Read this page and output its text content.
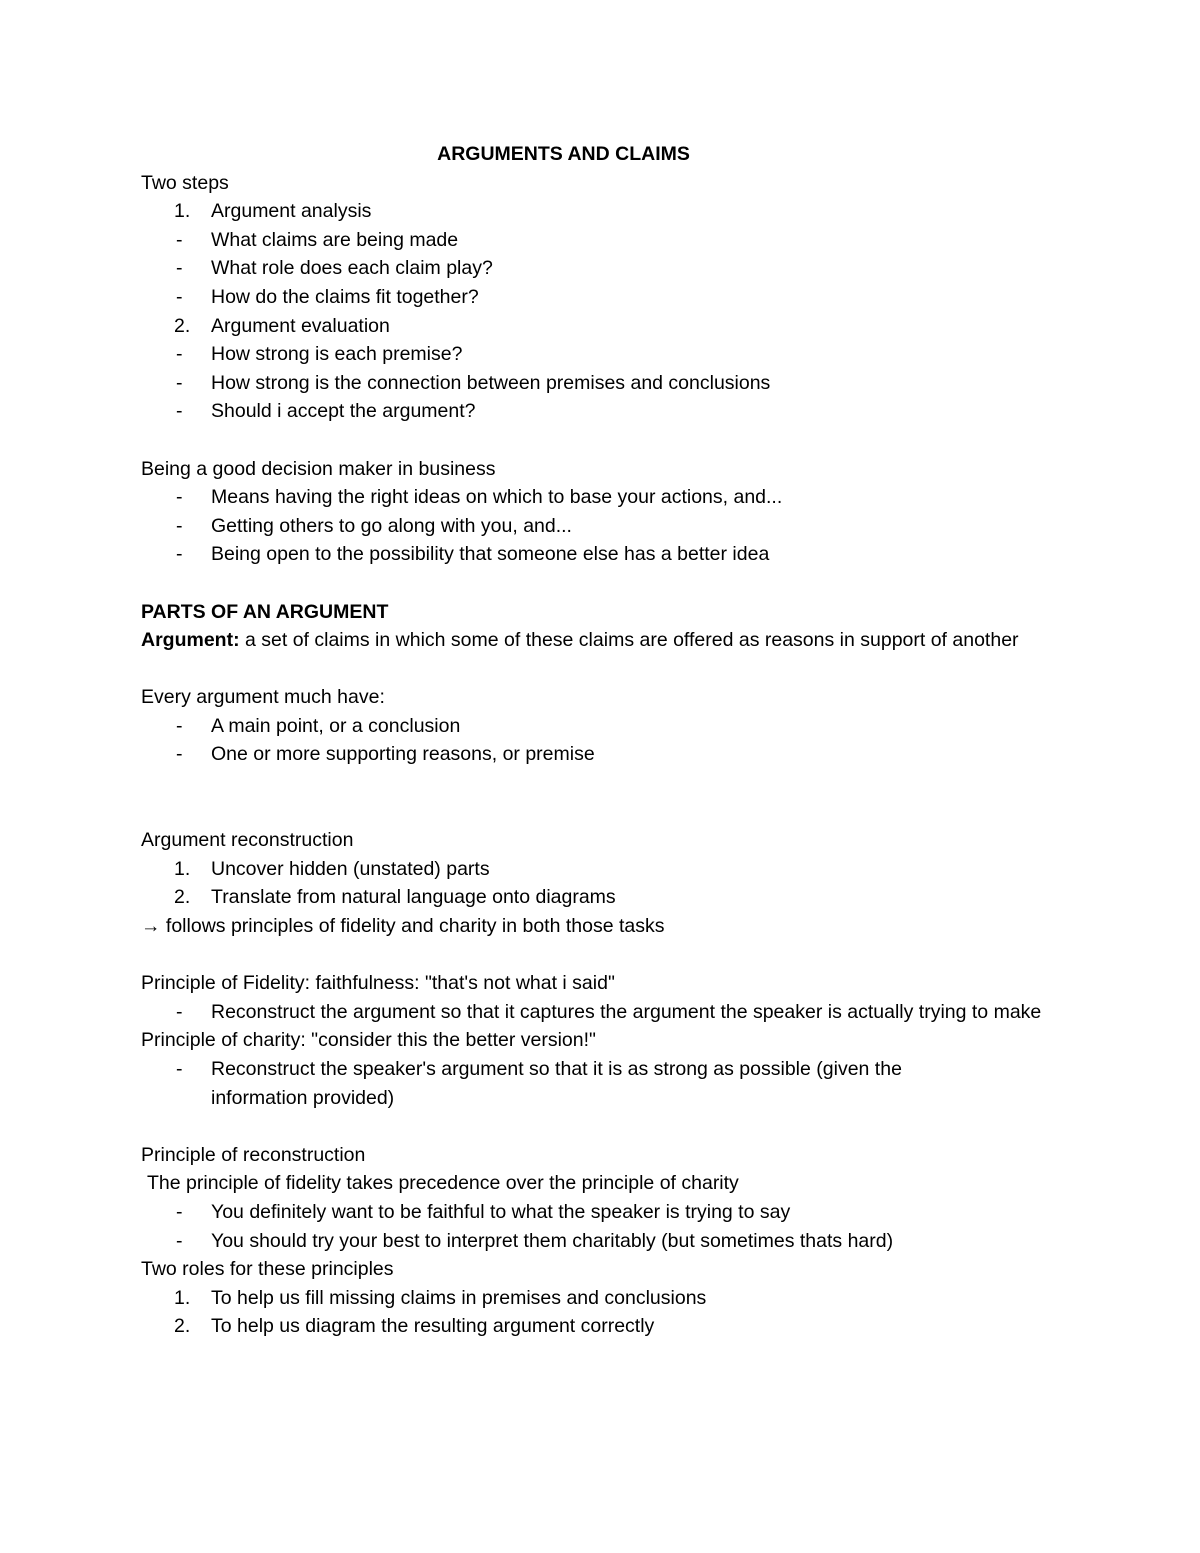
ARGUMENTS AND CLAIMS
Two steps
1.	Argument analysis
-	What claims are being made
-	What role does each claim play?
-	How do the claims fit together?
2.	Argument evaluation
-	How strong is each premise?
-	How strong is the connection between premises and conclusions
-	Should i accept the argument?
Being a good decision maker in business
-	Means having the right ideas on which to base your actions, and...
-	Getting others to go along with you, and...
-	Being open to the possibility that someone else has a better idea
PARTS OF AN ARGUMENT
Argument: a set of claims in which some of these claims are offered as reasons in support of another
Every argument much have:
-	A main point, or a conclusion
-	One or more supporting reasons, or premise
Argument reconstruction
1.	Uncover hidden (unstated) parts
2.	Translate from natural language onto diagrams
→ follows principles of fidelity and charity in both those tasks
Principle of Fidelity: faithfulness: "that's not what i said"
-	Reconstruct the argument so that it captures the argument the speaker is actually trying to make
Principle of charity: "consider this the better version!"
-	Reconstruct the speaker's argument so that it is as strong as possible (given the information provided)
Principle of reconstruction
The principle of fidelity takes precedence over the principle of charity
-	You definitely want to be faithful to what the speaker is trying to say
-	You should try your best to interpret them charitably (but sometimes thats hard)
Two roles for these principles
1.	To help us fill missing claims in premises and conclusions
2.	To help us diagram the resulting argument correctly
